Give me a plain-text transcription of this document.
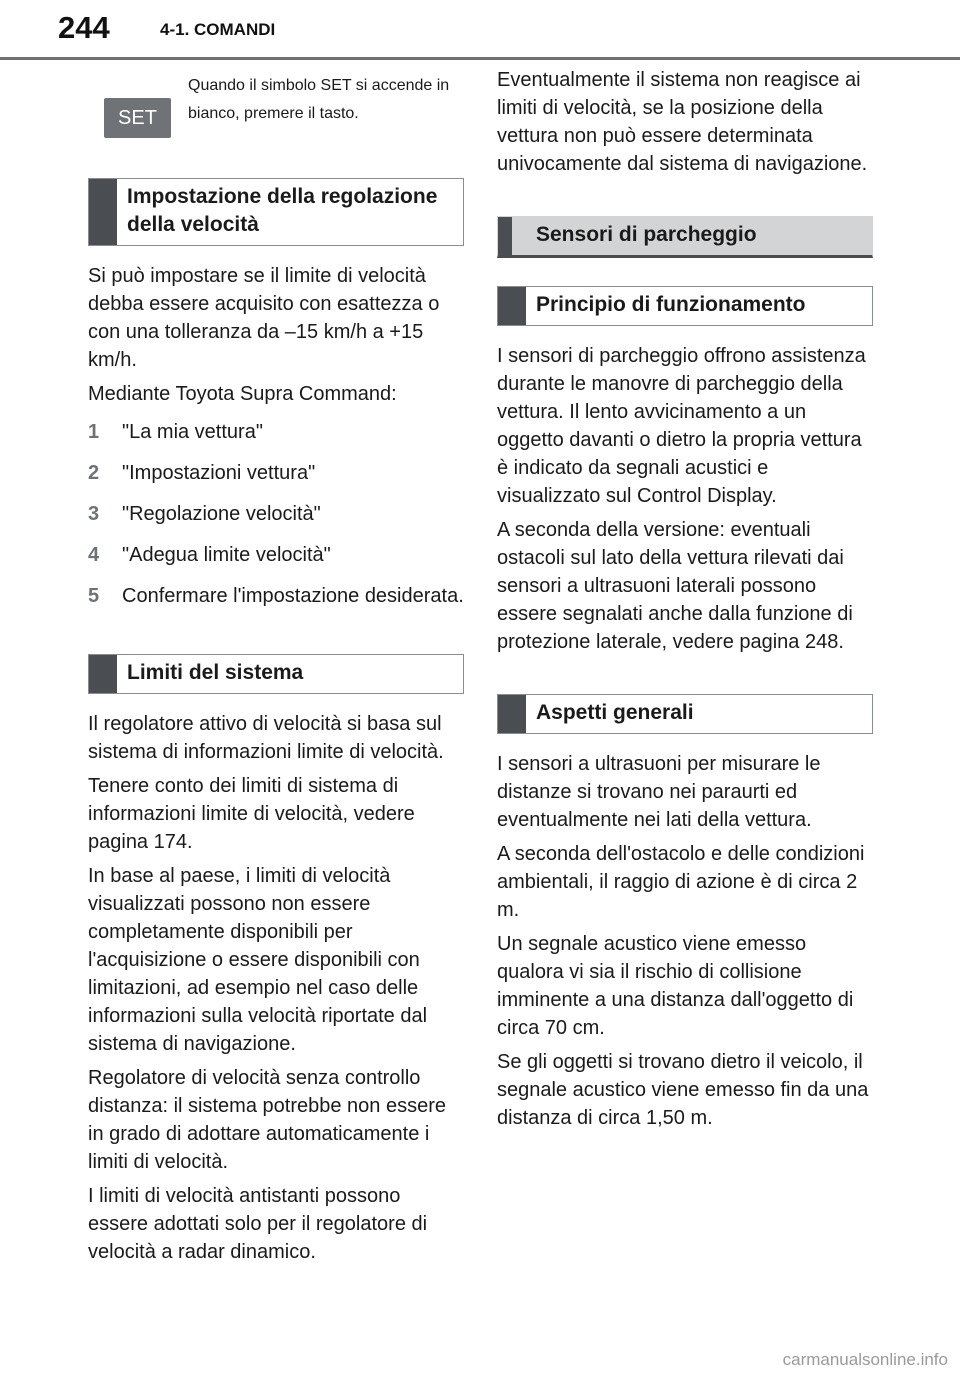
244	4-1. COMANDI
SET
Quando il simbolo SET si accende in bianco, premere il tasto.
Impostazione della regolazione della velocità

Si può impostare se il limite di velocità debba essere acquisito con esattezza o con una tolleranza da –15 km/h a +15 km/h.

Mediante Toyota Supra Command:

1 "La mia vettura"
2 "Impostazioni vettura"
3 "Regolazione velocità"
4 "Adegua limite velocità"
5 Confermare l'impostazione desiderata.
Limiti del sistema

Il regolatore attivo di velocità si basa sul sistema di informazioni limite di velocità.

Tenere conto dei limiti di sistema di informazioni limite di velocità, vedere pagina 174.

In base al paese, i limiti di velocità visualizzati possono non essere completamente disponibili per l'acquisizione o essere disponibili con limitazioni, ad esempio nel caso delle informazioni sulla velocità riportate dal sistema di navigazione.

Regolatore di velocità senza controllo distanza: il sistema potrebbe non essere in grado di adottare automaticamente i limiti di velocità.

I limiti di velocità antistanti possono essere adottati solo per il regolatore di velocità a radar dinamico.

Eventualmente il sistema non reagisce ai limiti di velocità, se la posizione della vettura non può essere determinata univocamente dal sistema di navigazione.

Sensori di parcheggio
Principio di funzionamento

I sensori di parcheggio offrono assistenza durante le manovre di parcheggio della vettura. Il lento avvicinamento a un oggetto davanti o dietro la propria vettura è indicato da segnali acustici e visualizzato sul Control Display.

A seconda della versione: eventuali ostacoli sul lato della vettura rilevati dai sensori a ultrasuoni laterali possono essere segnalati anche dalla funzione di protezione laterale, vedere pagina 248.

Aspetti generali

I sensori a ultrasuoni per misurare le distanze si trovano nei paraurti ed eventualmente nei lati della vettura.

A seconda dell'ostacolo e delle condizioni ambientali, il raggio di azione è di circa 2 m.

Un segnale acustico viene emesso qualora vi sia il rischio di collisione imminente a una distanza dall'oggetto di circa 70 cm.

Se gli oggetti si trovano dietro il veicolo, il segnale acustico viene emesso fin da una distanza di circa 1,50 m.

carmanualsonline.info
